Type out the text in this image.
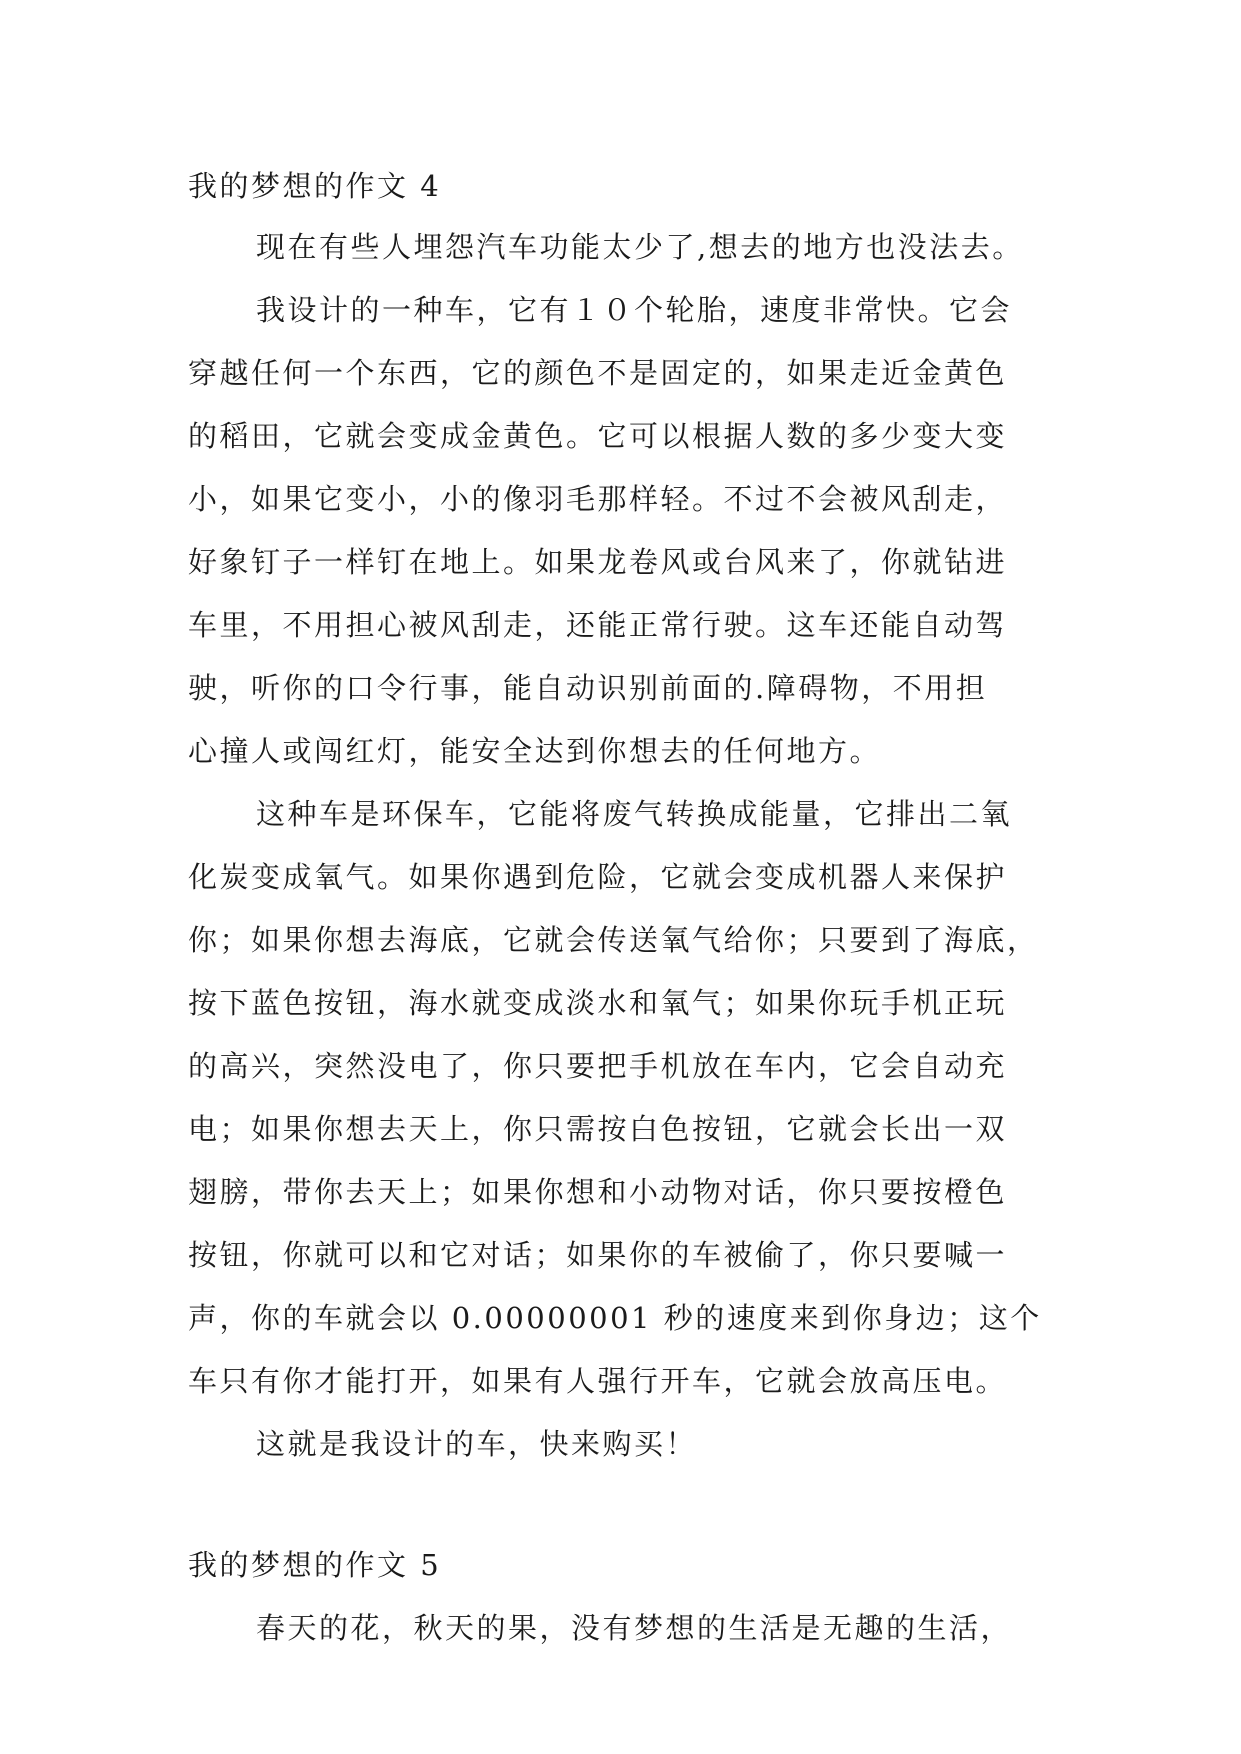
我的梦想的作文 4
现在有些人埋怨汽车功能太少了,想去的地方也没法去。
我设计的一种车，它有１０个轮胎，速度非常快。它会
穿越任何一个东西，它的颜色不是固定的，如果走近金黄色
的稻田，它就会变成金黄色。它可以根据人数的多少变大变
小，如果它变小，小的像羽毛那样轻。不过不会被风刮走，
好象钉子一样钉在地上。如果龙卷风或台风来了，你就钻进
车里，不用担心被风刮走，还能正常行驶。这车还能自动驾
驶，听你的口令行事，能自动识别前面的.障碍物，不用担
心撞人或闯红灯，能安全达到你想去的任何地方。
这种车是环保车，它能将废气转换成能量，它排出二氧
化炭变成氧气。如果你遇到危险，它就会变成机器人来保护
你；如果你想去海底，它就会传送氧气给你；只要到了海底，
按下蓝色按钮，海水就变成淡水和氧气；如果你玩手机正玩
的高兴，突然没电了，你只要把手机放在车内，它会自动充
电；如果你想去天上，你只需按白色按钮，它就会长出一双
翅膀，带你去天上；如果你想和小动物对话，你只要按橙色
按钮，你就可以和它对话；如果你的车被偷了，你只要喊一
声，你的车就会以 0.00000001 秒的速度来到你身边；这个
车只有你才能打开，如果有人强行开车，它就会放高压电。
这就是我设计的车，快来购买！
我的梦想的作文 5
春天的花，秋天的果，没有梦想的生活是无趣的生活，
